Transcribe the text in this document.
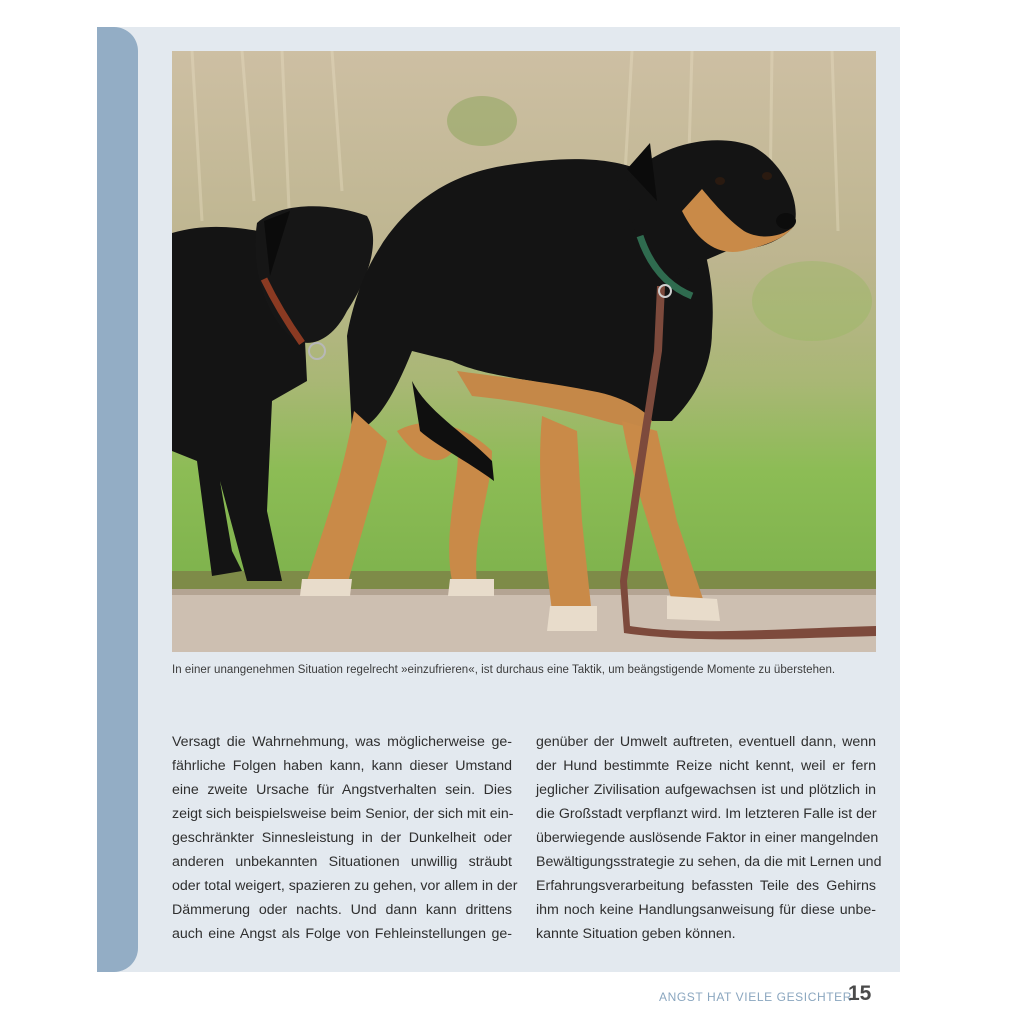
In einer unangenehmen Situation regelrecht »einzufrieren«, ist durchaus eine Taktik, um beängstigende Momente zu überstehen.
Versagt die Wahrnehmung, was möglicherweise ge-
fährliche Folgen haben kann, kann dieser Umstand
eine zweite Ursache für Angstverhalten sein. Dies
zeigt sich beispielsweise beim Senior, der sich mit ein-
geschränkter Sinnesleistung in der Dunkelheit oder
anderen unbekannten Situationen unwillig sträubt
oder total weigert, spazieren zu gehen, vor allem in der
Dämmerung oder nachts. Und dann kann drittens
auch eine Angst als Folge von Fehleinstellungen ge-
genüber der Umwelt auftreten, eventuell dann, wenn
der Hund bestimmte Reize nicht kennt, weil er fern
jeglicher Zivilisation aufgewachsen ist und plötzlich in
die Großstadt verpflanzt wird. Im letzteren Falle ist der
überwiegende auslösende Faktor in einer mangelnden
Bewältigungsstrategie zu sehen, da die mit Lernen und
Erfahrungsverarbeitung befassten Teile des Gehirns
ihm noch keine Handlungsanweisung für diese unbe-
kannte Situation geben können.
ANGST HAT VIELE GESICHTER
15
